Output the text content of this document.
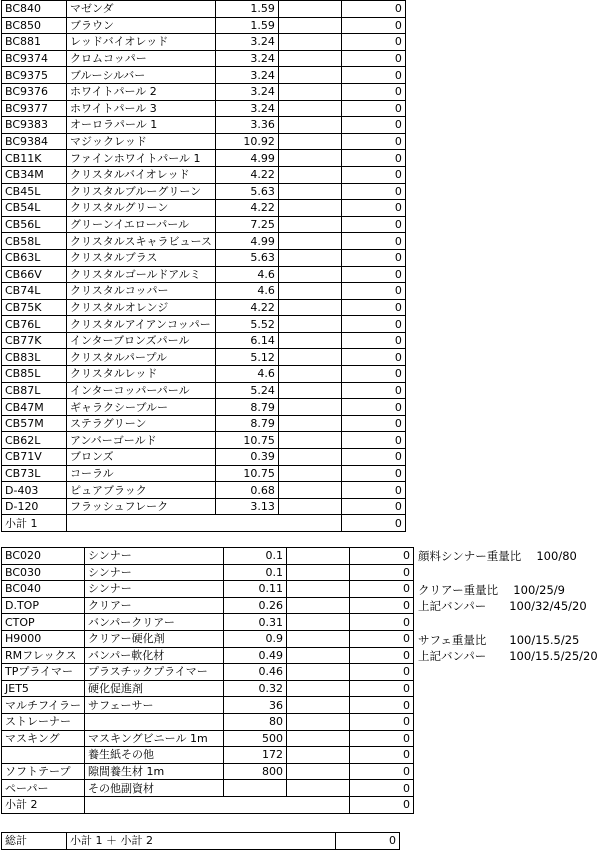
BC840	マゼンダ	1.59		0
BC850	ブラウン	1.59		0
BC881	レッドバイオレッド	3.24		0
BC9374	クロムコッパー	3.24		0
BC9375	ブルーシルバー	3.24		0
BC9376	ホワイトパール 2	3.24		0
BC9377	ホワイトパール 3	3.24		0
BC9383	オーロラパール 1	3.36		0
BC9384	マジックレッド	10.92		0
CB11K	ファインホワイトパール 1	4.99		0
CB34M	クリスタルバイオレッド	4.22		0
CB45L	クリスタルブルーグリーン	5.63		0
CB54L	クリスタルグリーン	4.22		0
CB56L	グリーンイエローパール	7.25		0
CB58L	クリスタルスキャラビュース	4.99		0
CB63L	クリスタルブラス	5.63		0
CB66V	クリスタルゴールドアルミ	4.6		0
CB74L	クリスタルコッパー	4.6		0
CB75K	クリスタルオレンジ	4.22		0
CB76L	クリスタルアイアンコッパー	5.52		0
CB77K	インターブロンズパール	6.14		0
CB83L	クリスタルパープル	5.12		0
CB85L	クリスタルレッド	4.6		0
CB87L	インターコッパーパール	5.24		0
CB47M	ギャラクシーブルー	8.79		0
CB57M	ステラグリーン	8.79		0
CB62L	アンバーゴールド	10.75		0
CB71V	ブロンズ	0.39		0
CB73L	コーラル	10.75		0
D-403	ピュアブラック	0.68		0
D-120	フラッシュフレーク	3.13		0
小計 1				0
BC020	シンナー	0.1		0
BC030	シンナー	0.1		0
BC040	シンナー	0.11		0
D.TOP	クリアー	0.26		0
CTOP	バンパークリアー	0.31		0
H9000	クリアー硬化剤	0.9		0
RMフレックス	バンパー軟化材	0.49		0
TPプライマー	プラスチックプライマー	0.46		0
JET5	硬化促進剤	0.32		0
マルチフイラー	サフェーサー	36		0
ストレーナー		80		0
マスキング	マスキングビニール 1m	500		0
	養生紙その他	172		0
ソフトテープ	隙間養生材 1m	800		0
ペーパー	その他副資材			0
小計 2				0
総計	小計 1 ＋ 小計 2	0
顔料シンナー重量比　 100/80
クリアー重量比　 100/25/9
上記バンパー　　100/32/45/20
サフェ重量比　　100/15.5/25
上記バンパー　　100/15.5/25/20
